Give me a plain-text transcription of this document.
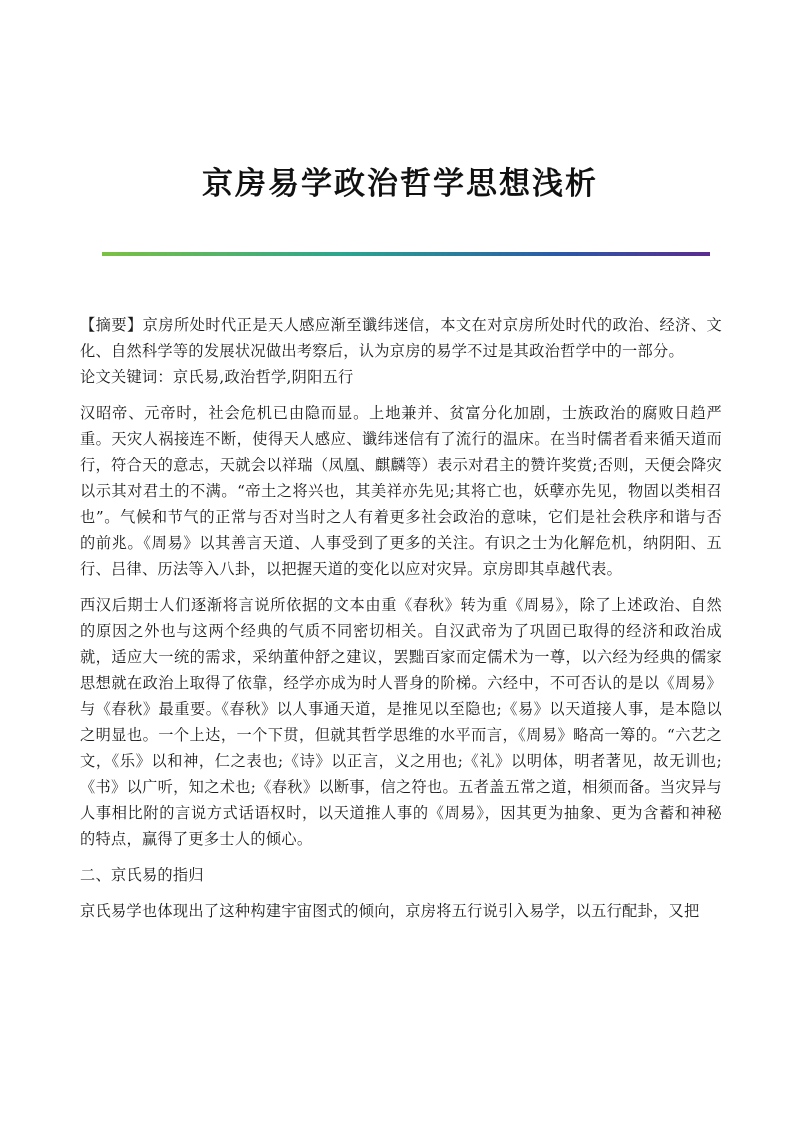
京房易学政治哲学思想浅析

【摘要】京房所处时代正是天人感应渐至谶纬迷信，本文在对京房所处时代的政治、经济、文化、自然科学等的发展状况做出考察后，认为京房的易学不过是其政治哲学中的一部分。

论文关键词：京氏易,政治哲学,阴阳五行

汉昭帝、元帝时，社会危机已由隐而显。上地兼并、贫富分化加剧，士族政治的腐败日趋严重。天灾人祸接连不断，使得天人感应、谶纬迷信有了流行的温床。在当时儒者看来循天道而行，符合天的意志，天就会以祥瑞（凤凰、麒麟等）表示对君主的赞许奖赏;否则，天便会降灾以示其对君土的不满。“帝土之将兴也，其美祥亦先见;其将亡也，妖孽亦先见，物固以类相召也”。气候和节气的正常与否对当时之人有着更多社会政治的意味，它们是社会秩序和谐与否的前兆。《周易》以其善言天道、人事受到了更多的关注。有识之士为化解危机，纳阴阳、五行、吕律、历法等入八卦，以把握天道的变化以应对灾异。京房即其卓越代表。

西汉后期士人们逐渐将言说所依据的文本由重《春秋》转为重《周易》，除了上述政治、自然的原因之外也与这两个经典的气质不同密切相关。自汉武帝为了巩固已取得的经济和政治成就，适应大一统的需求，采纳董仲舒之建议，罢黜百家而定儒术为一尊，以六经为经典的儒家思想就在政治上取得了依靠，经学亦成为时人晋身的阶梯。六经中，不可否认的是以《周易》与《春秋》最重要。《春秋》以人事通天道，是推见以至隐也;《易》以天道接人事，是本隐以之明显也。一个上达，一个下贯，但就其哲学思维的水平而言，《周易》略高一筹的。“六艺之文，《乐》以和神，仁之表也;《诗》以正言，义之用也;《礼》以明体，明者著见，故无训也;《书》以广听，知之术也;《春秋》以断事，信之符也。五者盖五常之道，相须而备。当灾异与人事相比附的言说方式话语权时，以天道推人事的《周易》，因其更为抽象、更为含蓄和神秘的特点，赢得了更多士人的倾心。

二、京氏易的指归

京氏易学也体现出了这种构建宇宙图式的倾向，京房将五行说引入易学，以五行配卦，又把
